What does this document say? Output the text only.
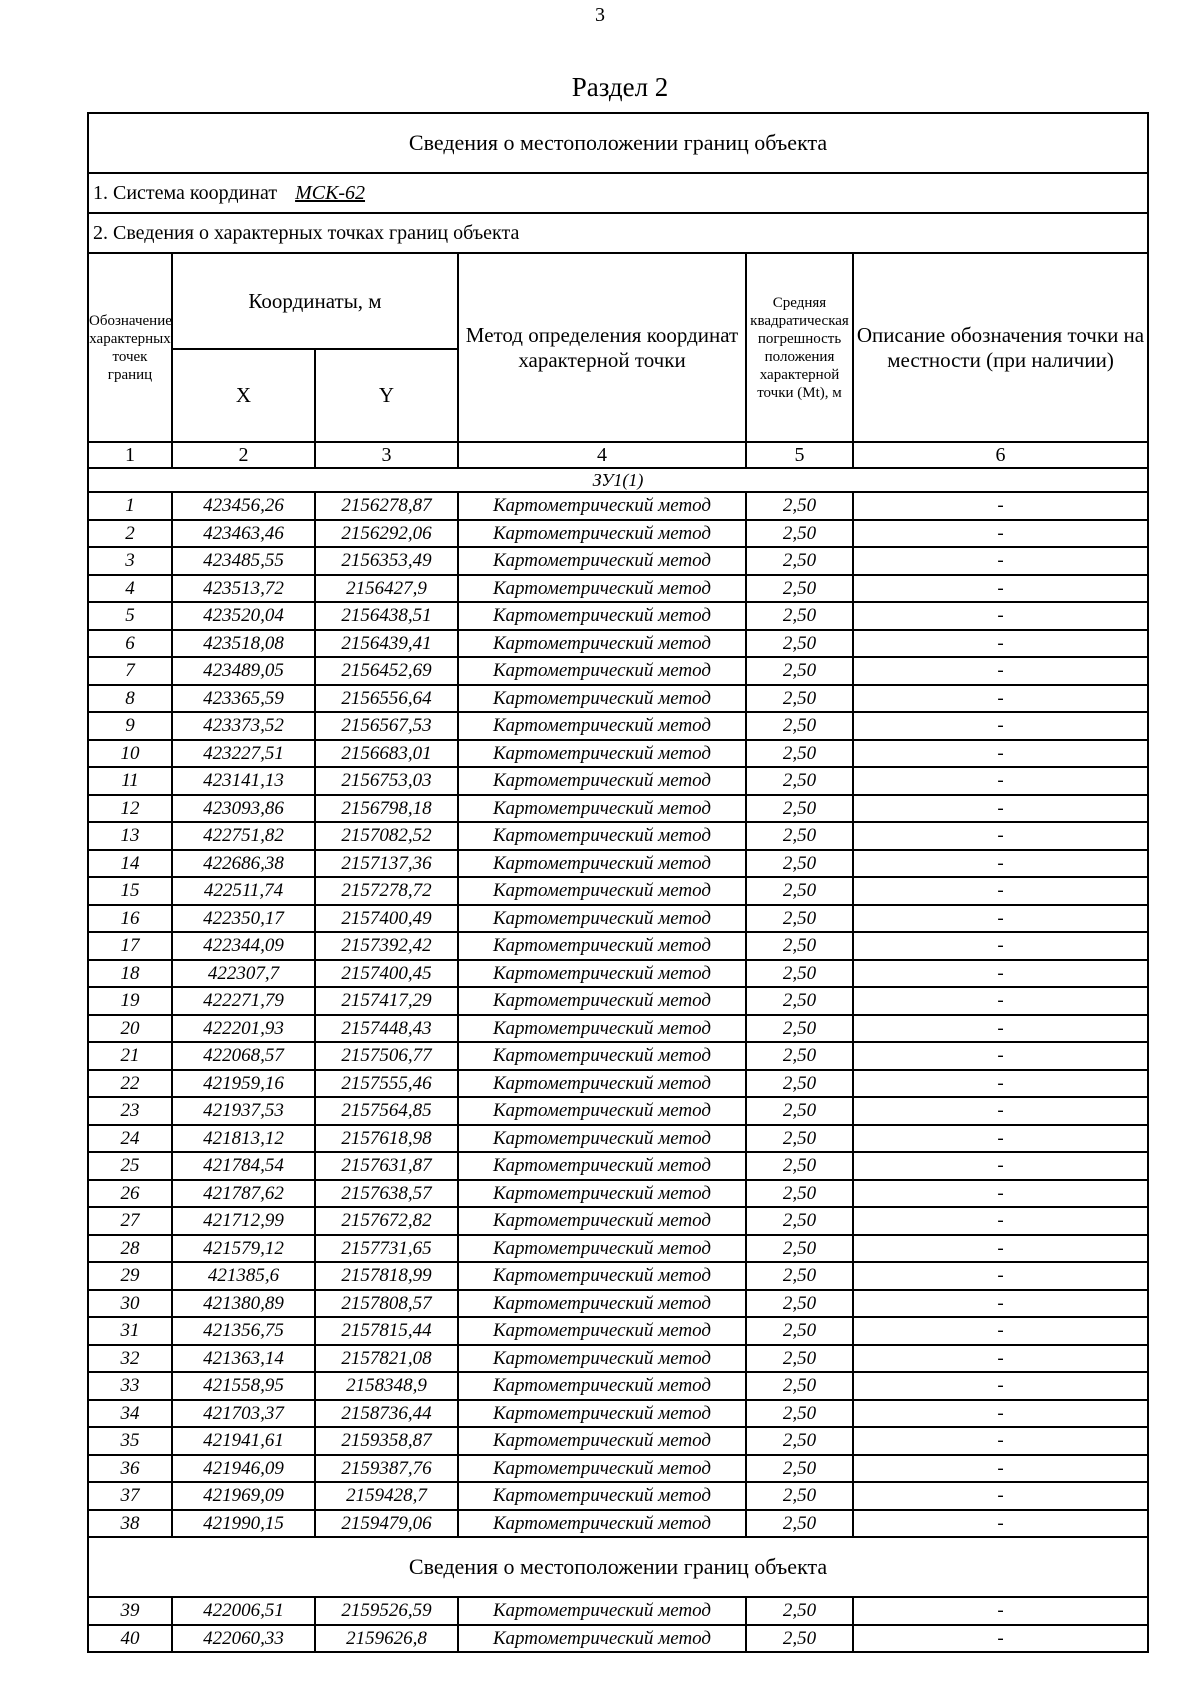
3
Раздел 2
Сведения о местоположении границ объекта					
1. Система координат МСК-62					
2. Сведения о характерных точках границ объекта					
Обозначение характерных точек границ	Координаты, м		Метод определения координат характерной точки	Средняя квадратическая погрешность положения характерной точки (Mt), м	Описание обозначения точки на местности (при наличии)
	X	Y			
1	2	3	4	5	6
ЗУ1(1)					
1	423456,26	2156278,87	Картометрический метод	2,50	-
2	423463,46	2156292,06	Картометрический метод	2,50	-
3	423485,55	2156353,49	Картометрический метод	2,50	-
4	423513,72	2156427,9	Картометрический метод	2,50	-
5	423520,04	2156438,51	Картометрический метод	2,50	-
6	423518,08	2156439,41	Картометрический метод	2,50	-
7	423489,05	2156452,69	Картометрический метод	2,50	-
8	423365,59	2156556,64	Картометрический метод	2,50	-
9	423373,52	2156567,53	Картометрический метод	2,50	-
10	423227,51	2156683,01	Картометрический метод	2,50	-
11	423141,13	2156753,03	Картометрический метод	2,50	-
12	423093,86	2156798,18	Картометрический метод	2,50	-
13	422751,82	2157082,52	Картометрический метод	2,50	-
14	422686,38	2157137,36	Картометрический метод	2,50	-
15	422511,74	2157278,72	Картометрический метод	2,50	-
16	422350,17	2157400,49	Картометрический метод	2,50	-
17	422344,09	2157392,42	Картометрический метод	2,50	-
18	422307,7	2157400,45	Картометрический метод	2,50	-
19	422271,79	2157417,29	Картометрический метод	2,50	-
20	422201,93	2157448,43	Картометрический метод	2,50	-
21	422068,57	2157506,77	Картометрический метод	2,50	-
22	421959,16	2157555,46	Картометрический метод	2,50	-
23	421937,53	2157564,85	Картометрический метод	2,50	-
24	421813,12	2157618,98	Картометрический метод	2,50	-
25	421784,54	2157631,87	Картометрический метод	2,50	-
26	421787,62	2157638,57	Картометрический метод	2,50	-
27	421712,99	2157672,82	Картометрический метод	2,50	-
28	421579,12	2157731,65	Картометрический метод	2,50	-
29	421385,6	2157818,99	Картометрический метод	2,50	-
30	421380,89	2157808,57	Картометрический метод	2,50	-
31	421356,75	2157815,44	Картометрический метод	2,50	-
32	421363,14	2157821,08	Картометрический метод	2,50	-
33	421558,95	2158348,9	Картометрический метод	2,50	-
34	421703,37	2158736,44	Картометрический метод	2,50	-
35	421941,61	2159358,87	Картометрический метод	2,50	-
36	421946,09	2159387,76	Картометрический метод	2,50	-
37	421969,09	2159428,7	Картометрический метод	2,50	-
38	421990,15	2159479,06	Картометрический метод	2,50	-
Сведения о местоположении границ объекта					
39	422006,51	2159526,59	Картометрический метод	2,50	-
40	422060,33	2159626,8	Картометрический метод	2,50	-
